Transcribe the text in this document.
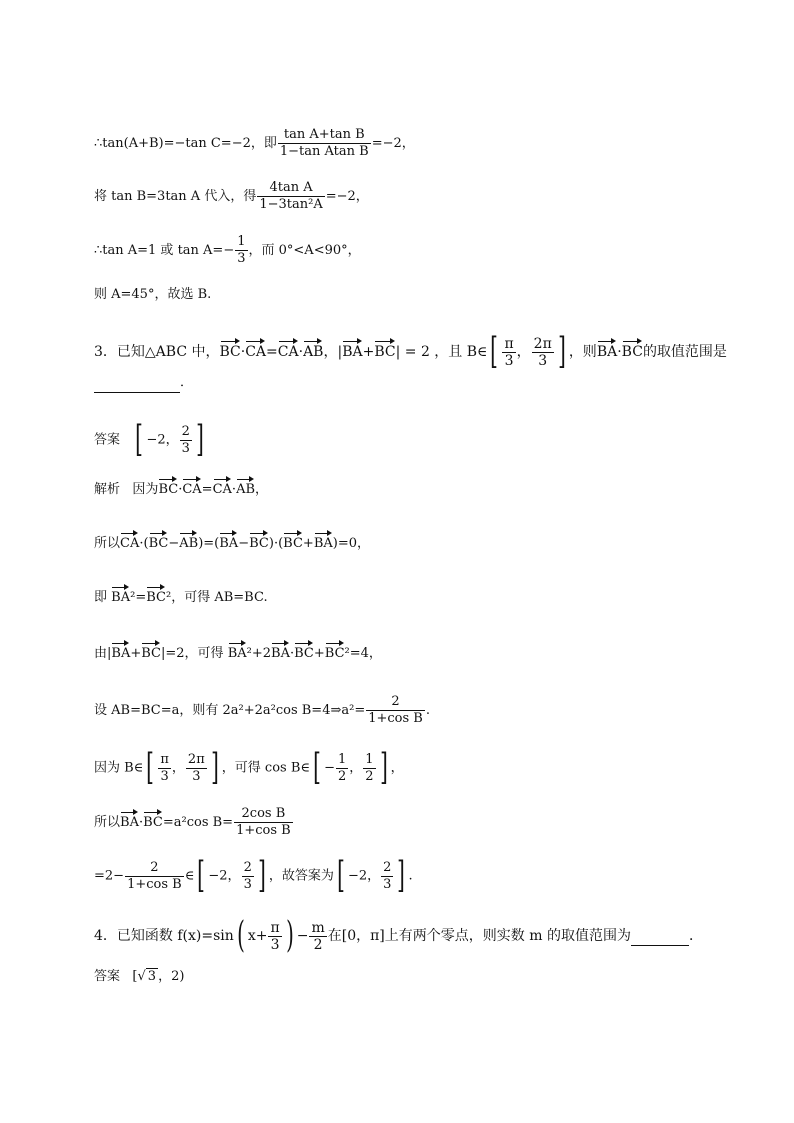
∴tan(A+B)=−tan C=−2，即 $\frac{\text{tan A+tan B}}{\text{1−tan Atan B}} =-2$，
将 tan B=3tan A 代入，得 $\frac{\text{4tan A}}{\text{1−3tan²A}} =-2$，
∴tan A=1 或 $\tan A=- \frac{1}{3}$ ，而 0°<A<90°，
则 A=45°，故选 B.
3．已知△ABC 中，BC·CA=CA·AB，|BA+BC| = 2 ，且 B∈[ $\frac{\pi}{3}$ ， $\frac{2\pi}{3}$ ] ，则BA·BC的取值范围是
．
答案 [ −2， $\frac{2}{3}$ ]
解析 因为BC·CA=CA·AB，
所以CA·(BC−AB)=(BA−BC)·(BC+BA)=0，
即 BA²=BC²，可得 AB=BC.
由|BA+BC|=2，可得 BA²+2BA·BC+BC²=4，
设 AB=BC=a，则有 2a²+2a²cos B=4⇒a²= $\frac{2}{\text{1+cos B}}$ .
因为 B∈[ $\frac{\pi}{3}$ ， $\frac{2\pi}{3}$ ] ，可得 cos B∈[ − $\frac{1}{2}$ ， $\frac{1}{2}$ ] ，
所以BA·BC=a²cos $B= \frac{\text{2cos B}}{\text{1+cos B}}$
$=2- \frac{2}{\text{1+cos B}}$ ∈[ −2， $\frac{2}{3}$ ] ，故答案为[ −2， $\frac{2}{3}$ ] .
4．已知函数 f(x)=sin( $x+ \frac{\pi}{3}$ ) − $\frac{m}{2}$ 在[0，π]上有两个零点，则实数 m 的取值范围为	．
答案 [√ 3 ，2)
